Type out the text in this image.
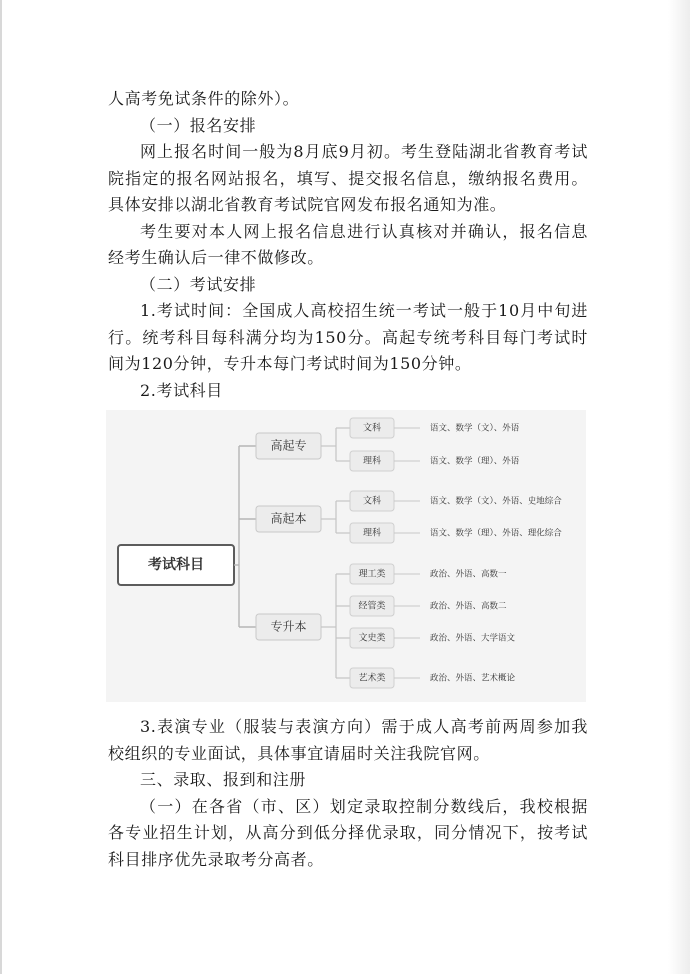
人高考免试条件的除外）。

（一）报名安排

网上报名时间一般为8月底9月初。考生登陆湖北省教育考试院指定的报名网站报名，填写、提交报名信息，缴纳报名费用。具体安排以湖北省教育考试院官网发布报名通知为准。

考生要对本人网上报名信息进行认真核对并确认，报名信息经考生确认后一律不做修改。

（二）考试安排

1.考试时间：全国成人高校招生统一考试一般于10月中旬进行。统考科目每科满分均为150分。高起专统考科目每门考试时间为120分钟，专升本每门考试时间为150分钟。

2.考试科目

考试科目
高起专
文科	语文、数学（文）、外语
理科	语文、数学（理）、外语
高起本
文科	语文、数学（文）、外语、史地综合
理科	语文、数学（理）、外语、理化综合
专升本
理工类	政治、外语、高数一
经管类	政治、外语、高数二
文史类	政治、外语、大学语文
艺术类	政治、外语、艺术概论

3.表演专业（服装与表演方向）需于成人高考前两周参加我校组织的专业面试，具体事宜请届时关注我院官网。

三、录取、报到和注册

（一）在各省（市、区）划定录取控制分数线后，我校根据各专业招生计划，从高分到低分择优录取，同分情况下，按考试科目排序优先录取考分高者。
